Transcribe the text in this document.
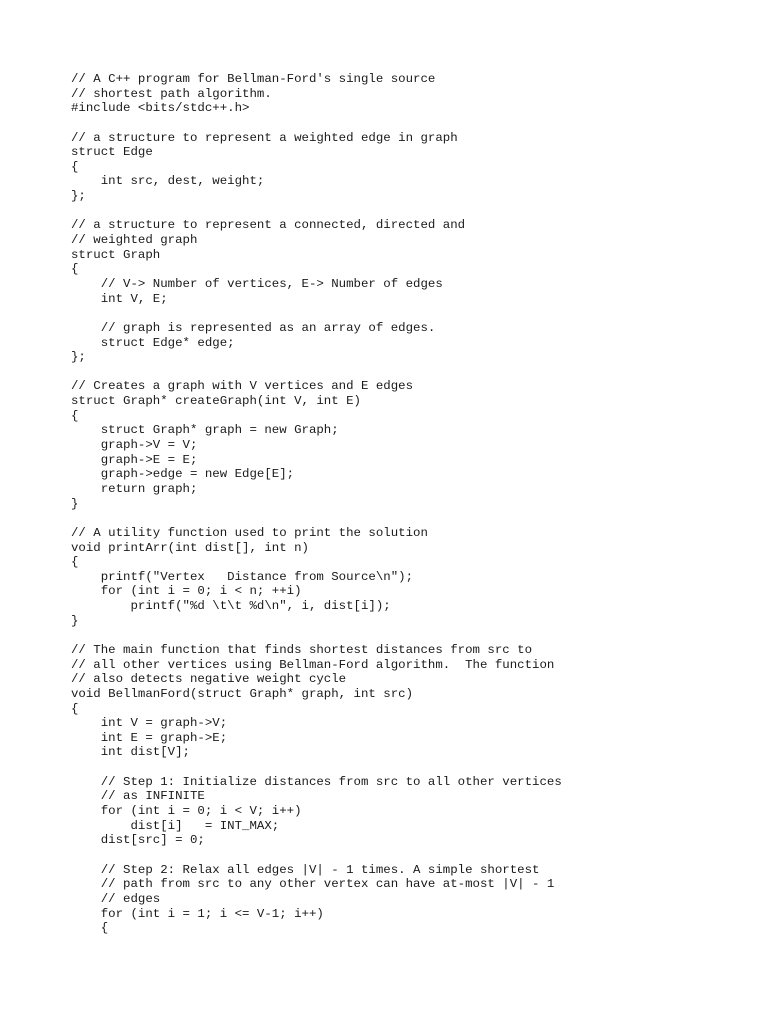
// A C++ program for Bellman-Ford's single source
// shortest path algorithm.
#include <bits/stdc++.h>
// a structure to represent a weighted edge in graph
struct Edge
{
int src, dest, weight;
};
// a structure to represent a connected, directed and
// weighted graph
struct Graph
{
// V-> Number of vertices, E-> Number of edges
int V, E;
// graph is represented as an array of edges.
struct Edge* edge;
};
// Creates a graph with V vertices and E edges
struct Graph* createGraph(int V, int E)
{
struct Graph* graph = new Graph;
graph->V = V;
graph->E = E;
graph->edge = new Edge[E];
return graph;
}
// A utility function used to print the solution
void printArr(int dist[], int n)
{
printf("Vertex   Distance from Source\n");
for (int i = 0; i < n; ++i)
printf("%d \t\t %d\n", i, dist[i]);
}
// The main function that finds shortest distances from src to
// all other vertices using Bellman-Ford algorithm.  The function
// also detects negative weight cycle
void BellmanFord(struct Graph* graph, int src)
{
int V = graph->V;
int E = graph->E;
int dist[V];
// Step 1: Initialize distances from src to all other vertices
// as INFINITE
for (int i = 0; i < V; i++)
dist[i]   = INT_MAX;
dist[src] = 0;
// Step 2: Relax all edges |V| - 1 times. A simple shortest
// path from src to any other vertex can have at-most |V| - 1
// edges
for (int i = 1; i <= V-1; i++)
{
